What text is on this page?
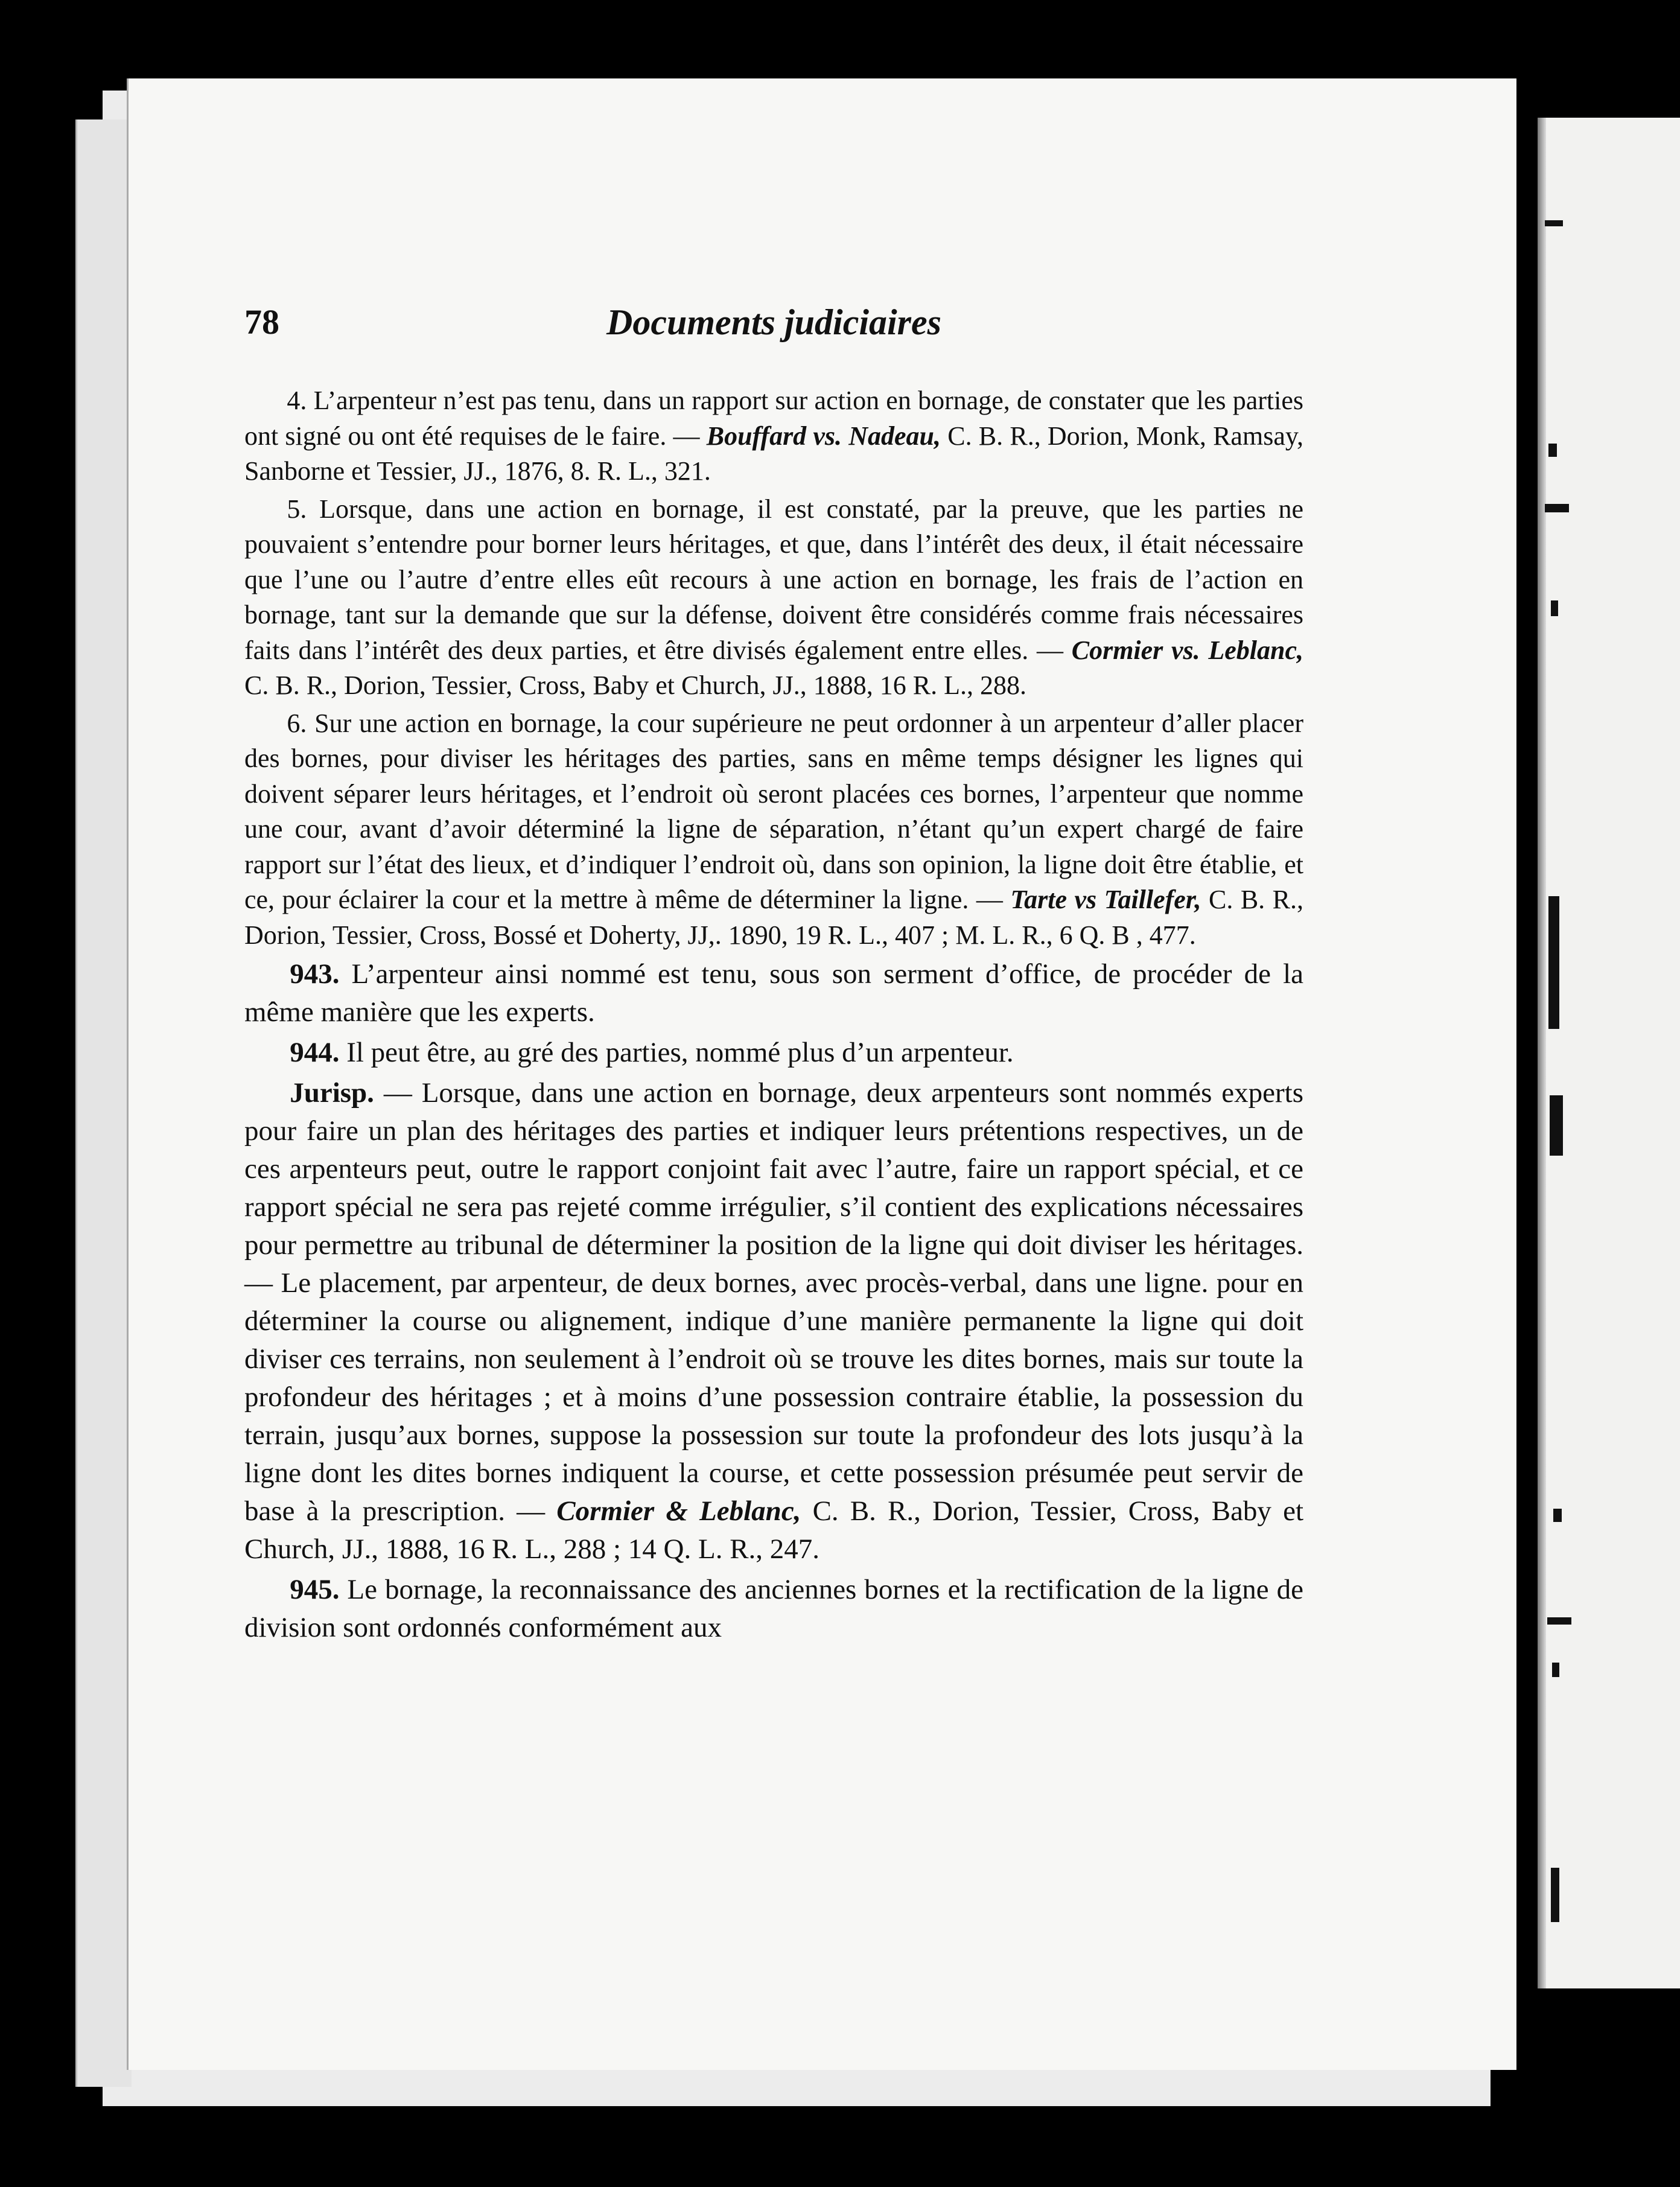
78	Documents judiciaires

4. L’arpenteur n’est pas tenu, dans un rapport sur action en bornage, de constater que les parties ont signé ou ont été requises de le faire. — Bouffard vs. Nadeau, C. B. R., Dorion, Monk, Ramsay, Sanborne et Tessier, JJ., 1876, 8. R. L., 321.

5. Lorsque, dans une action en bornage, il est constaté, par la preuve, que les parties ne pouvaient s’entendre pour borner leurs héritages, et que, dans l’intérêt des deux, il était nécessaire que l’une ou l’autre d’entre elles eût recours à une action en bornage, les frais de l’action en bornage, tant sur la demande que sur la défense, doivent être considérés comme frais nécessaires faits dans l’intérêt des deux parties, et être divisés également entre elles. — Cormier vs. Leblanc, C. B. R., Dorion, Tessier, Cross, Baby et Church, JJ., 1888, 16 R. L., 288.

6. Sur une action en bornage, la cour supérieure ne peut ordonner à un arpenteur d’aller placer des bornes, pour diviser les héritages des parties, sans en même temps désigner les lignes qui doivent séparer leurs héritages, et l’endroit où seront placées ces bornes, l’arpenteur que nomme une cour, avant d’avoir déterminé la ligne de séparation, n’étant qu’un expert chargé de faire rapport sur l’état des lieux, et d’indiquer l’endroit où, dans son opinion, la ligne doit être établie, et ce, pour éclairer la cour et la mettre à même de déterminer la ligne. — Tarte vs Taillefer, C. B. R., Dorion, Tessier, Cross, Bossé et Doherty, JJ,. 1890, 19 R. L., 407 ; M. L. R., 6 Q. B , 477.

943. L’arpenteur ainsi nommé est tenu, sous son serment d’office, de procéder de la même manière que les experts.

944. Il peut être, au gré des parties, nommé plus d’un arpenteur.

Jurisp. — Lorsque, dans une action en bornage, deux arpenteurs sont nommés experts pour faire un plan des héritages des parties et indiquer leurs prétentions respectives, un de ces arpenteurs peut, outre le rapport conjoint fait avec l’autre, faire un rapport spécial, et ce rapport spécial ne sera pas rejeté comme irrégulier, s’il contient des explications nécessaires pour permettre au tribunal de déterminer la position de la ligne qui doit diviser les héritages. — Le placement, par arpenteur, de deux bornes, avec procès-verbal, dans une ligne. pour en déterminer la course ou alignement, indique d’une manière permanente la ligne qui doit diviser ces terrains, non seulement à l’endroit où se trouve les dites bornes, mais sur toute la profondeur des héritages ; et à moins d’une possession contraire établie, la possession du terrain, jusqu’aux bornes, suppose la possession sur toute la profondeur des lots jusqu’à la ligne dont les dites bornes indiquent la course, et cette possession présumée peut servir de base à la prescription. — Cormier & Leblanc, C. B. R., Dorion, Tessier, Cross, Baby et Church, JJ., 1888, 16 R. L., 288 ; 14 Q. L. R., 247.

945. Le bornage, la reconnaissance des anciennes bornes et la rectification de la ligne de division sont ordonnés conformément aux
